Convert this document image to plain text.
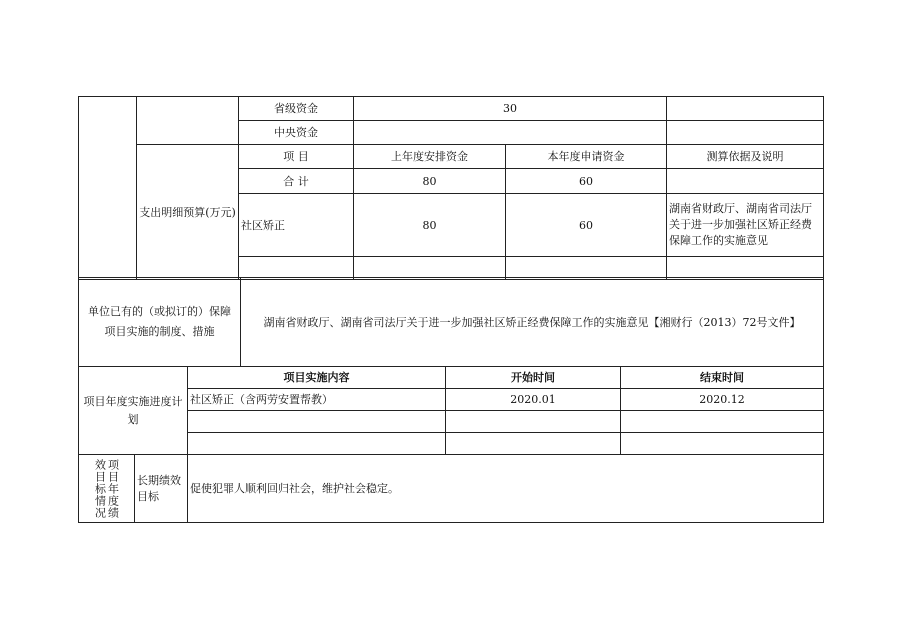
		省级资金	30		
		中央资金			
	支出明细预算(万元)	项 目	上年度安排资金	本年度申请资金	测算依据及说明
		合 计	80	60	
		社区矫正	80	60	湖南省财政厅、湖南省司法厅关于进一步加强社区矫正经费保障工作的实施意见

单位已有的（或拟订的）保障项目实施的制度、措施	湖南省财政厅、湖南省司法厅关于进一步加强社区矫正经费保障工作的实施意见【湘财行（2013）72号文件】
项目年度实施进度计划	项目实施内容	开始时间	结束时间
	社区矫正（含两劳安置帮教）	2020.01	2020.12

项目年度绩效目标情况	长期绩效目标	促使犯罪人顺利回归社会，维护社会稳定。
